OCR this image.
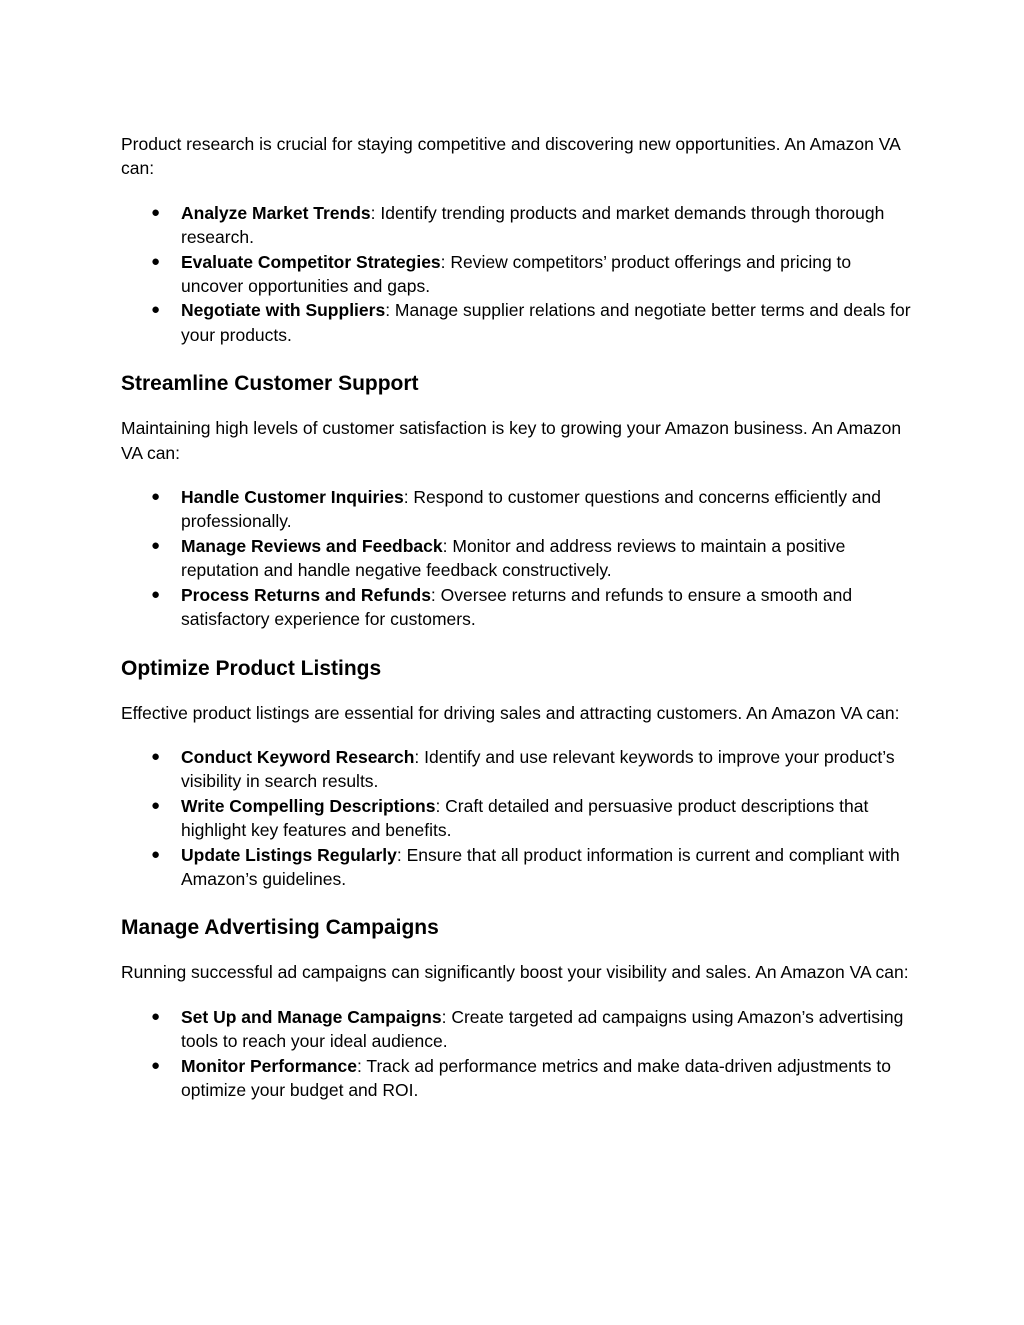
Product research is crucial for staying competitive and discovering new opportunities. An Amazon VA can:

● Analyze Market Trends: Identify trending products and market demands through thorough research.
● Evaluate Competitor Strategies: Review competitors’ product offerings and pricing to uncover opportunities and gaps.
● Negotiate with Suppliers: Manage supplier relations and negotiate better terms and deals for your products.
Streamline Customer Support

Maintaining high levels of customer satisfaction is key to growing your Amazon business. An Amazon VA can:

● Handle Customer Inquiries: Respond to customer questions and concerns efficiently and professionally.
● Manage Reviews and Feedback: Monitor and address reviews to maintain a positive reputation and handle negative feedback constructively.
● Process Returns and Refunds: Oversee returns and refunds to ensure a smooth and satisfactory experience for customers.
Optimize Product Listings

Effective product listings are essential for driving sales and attracting customers. An Amazon VA can:

● Conduct Keyword Research: Identify and use relevant keywords to improve your product’s visibility in search results.
● Write Compelling Descriptions: Craft detailed and persuasive product descriptions that highlight key features and benefits.
● Update Listings Regularly: Ensure that all product information is current and compliant with Amazon’s guidelines.
Manage Advertising Campaigns

Running successful ad campaigns can significantly boost your visibility and sales. An Amazon VA can:

● Set Up and Manage Campaigns: Create targeted ad campaigns using Amazon’s advertising tools to reach your ideal audience.
● Monitor Performance: Track ad performance metrics and make data-driven adjustments to optimize your budget and ROI.
